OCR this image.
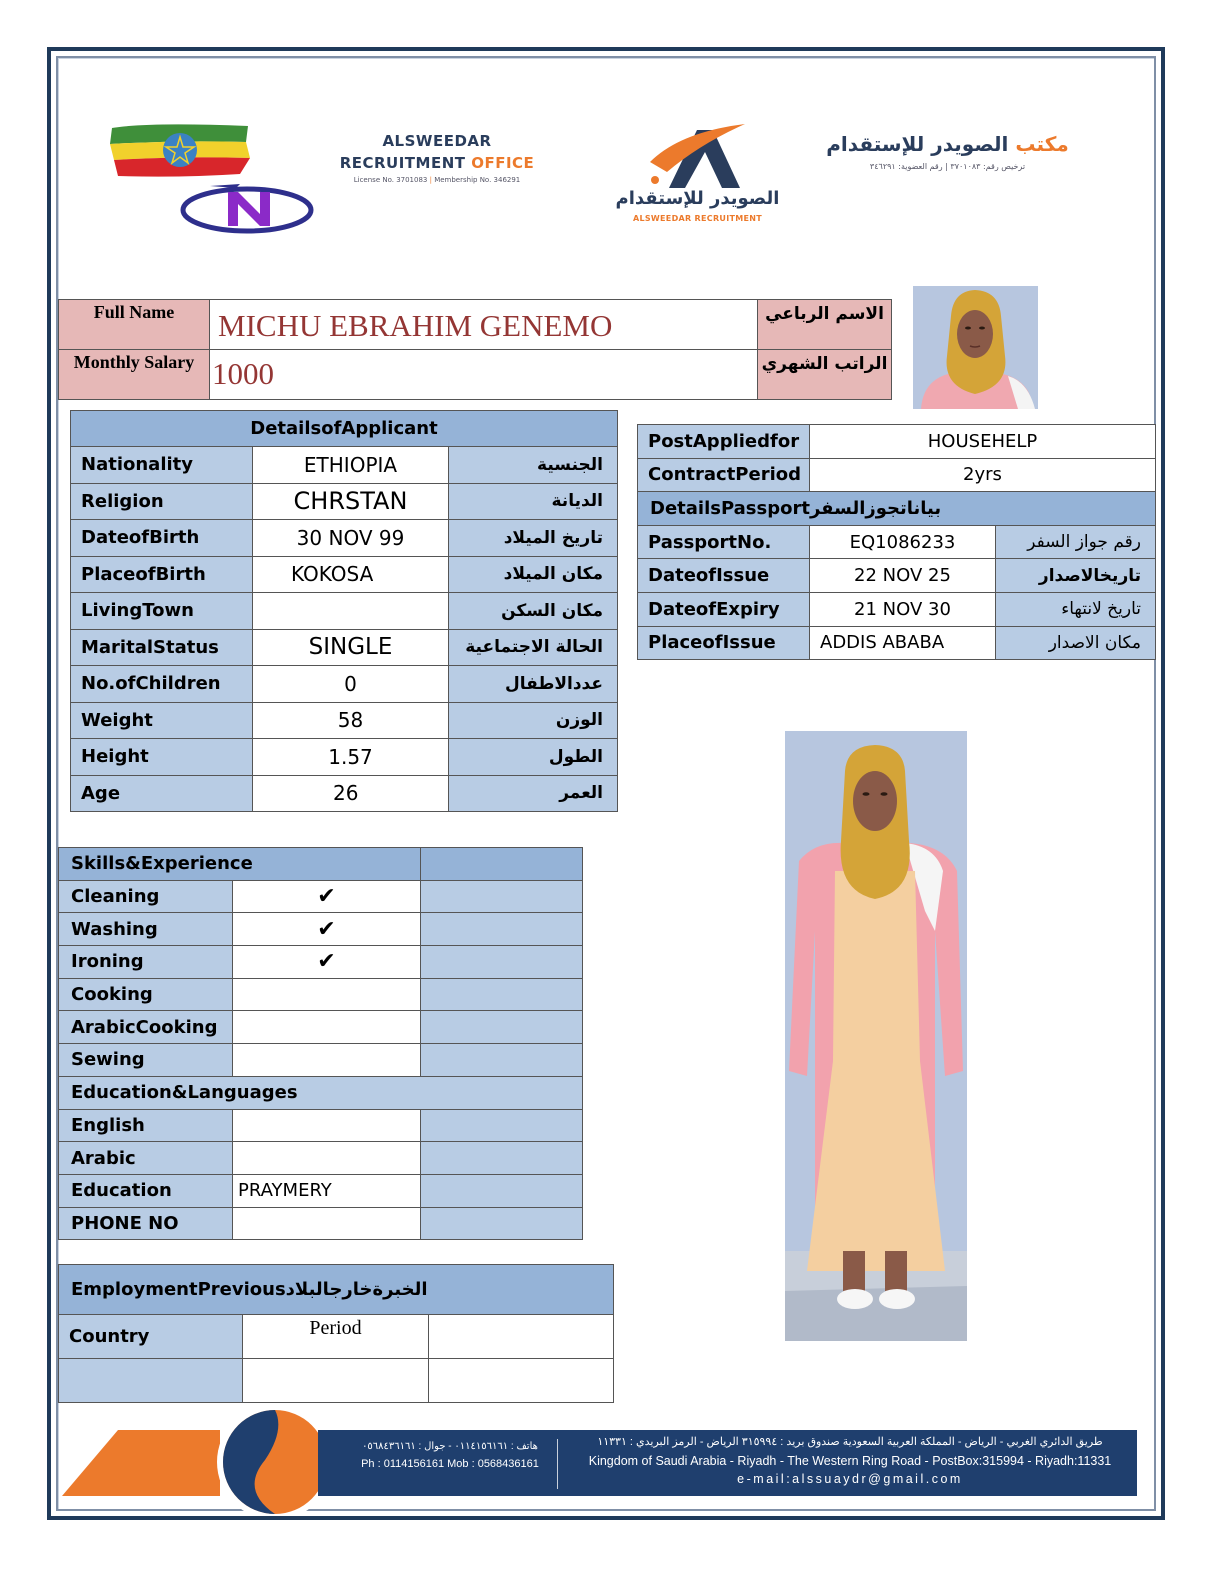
ALSWEEDAR
RECRUITMENT OFFICE
License No. 3701083 | Membership No. 346291
الصويدر للإستقدام
ALSWEEDAR RECRUITMENT
مكتب الصويدر للإستقدام
ترخيص رقم: ٣٧٠١٠٨٣ | رقم العضوية: ٣٤٦٢٩١
Full Name	MICHU EBRAHIM GENEMO	الاسم الرباعي
Monthly Salary	1000	الراتب الشهري
DetailsofApplicant		
Nationality	ETHIOPIA	الجنسية
Religion	CHRSTAN	الديانة
DateofBirth	30 NOV 99	تاريخ الميلاد
PlaceofBirth	KOKOSA	مكان الميلاد
LivingTown		مكان السكن
MaritalStatus	SINGLE	الحالة الاجتماعية
No.ofChildren	0	عددالاطفال
Weight	58	الوزن
Height	1.57	الطول
Age	26	العمر
PostAppliedfor	HOUSEHELP	
ContractPeriod	2yrs	
DetailsPassportبياناتجوزالسفر		
PassportNo.	EQ1086233	رقم جواز السفر
DateofIssue	22 NOV 25	تاريخالاصدار
DateofExpiry	21 NOV 30	تاريخ لانتهاء
PlaceofIssue	ADDIS ABABA	مكان الاصدار
Skills&Experience		
Cleaning	✔	
Washing	✔	
Ironing	✔	
Cooking		
ArabicCooking		
Sewing		
Education&Languages		
English		
Arabic		
Education	PRAYMERY	
PHONE NO		
EmploymentPreviousالخبرةخارجالبلاد		
Country	Period	

هاتف : ٠١١٤١٥٦١٦١ - جوال : ٠٥٦٨٤٣٦١٦١
Ph : 0114156161 Mob : 0568436161
طريق الدائري الغربي - الرياض - المملكة العربية السعودية صندوق بريد : ٣١٥٩٩٤ الرياض - الرمز البريدي : ١١٣٣١
Kingdom of Saudi Arabia - Riyadh - The Western Ring Road - PostBox:315994 - Riyadh:11331
e-mail:alssuaydr@gmail.com
